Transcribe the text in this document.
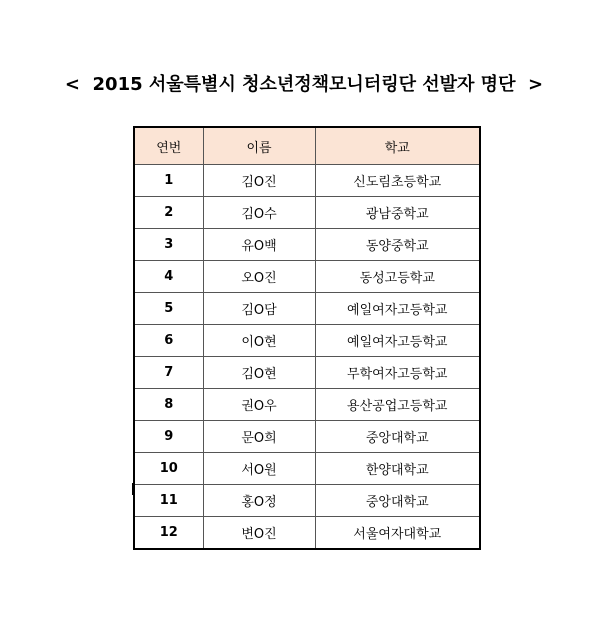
< 2015 서울특별시 청소년정책모니터링단 선발자 명단 >
연번	이름	학교
1	김O진	신도림초등학교
2	김O수	광남중학교
3	유O백	동양중학교
4	오O진	동성고등학교
5	김O담	예일여자고등학교
6	이O현	예일여자고등학교
7	김O현	무학여자고등학교
8	권O우	용산공업고등학교
9	문O희	중앙대학교
10	서O원	한양대학교
11	홍O정	중앙대학교
12	변O진	서울여자대학교
